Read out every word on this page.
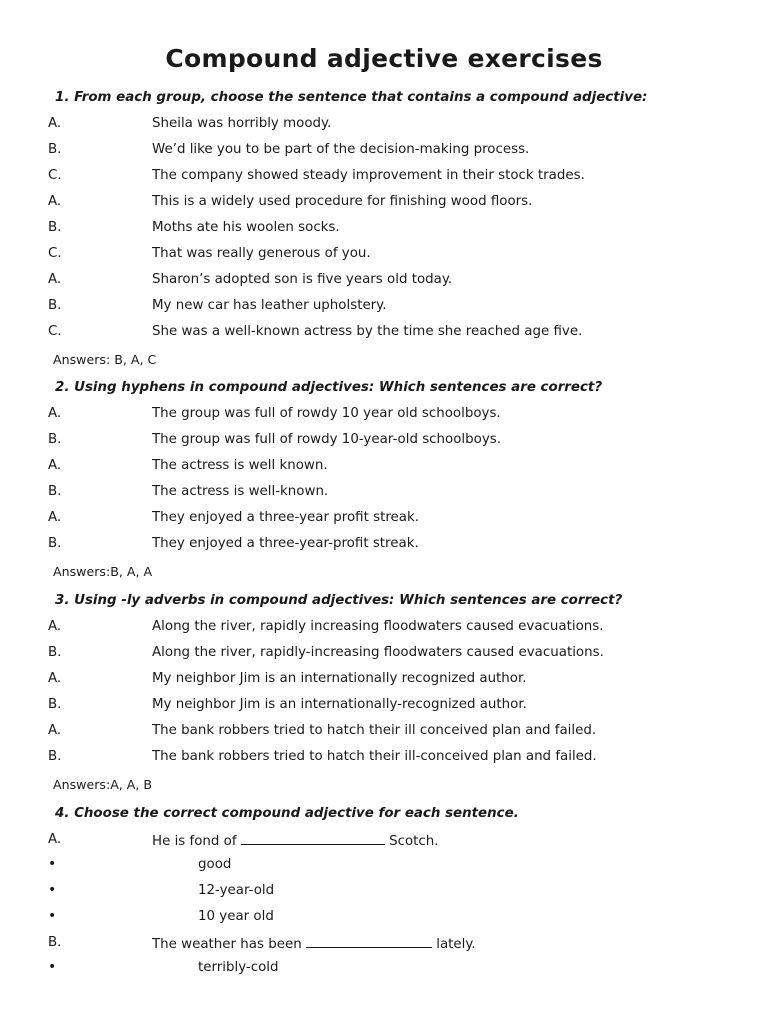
Compound adjective exercises
1. From each group, choose the sentence that contains a compound adjective:
A.	Sheila was horribly moody.
B.	We’d like you to be part of the decision-making process.
C.	The company showed steady improvement in their stock trades.
A.	This is a widely used procedure for finishing wood floors.
B.	Moths ate his woolen socks.
C.	That was really generous of you.
A.	Sharon’s adopted son is five years old today.
B.	My new car has leather upholstery.
C.	She was a well-known actress by the time she reached age five.
Answers: B, A, C
2. Using hyphens in compound adjectives: Which sentences are correct?
A.	The group was full of rowdy 10 year old schoolboys.
B.	The group was full of rowdy 10-year-old schoolboys.
A.	The actress is well known.
B.	The actress is well-known.
A.	They enjoyed a three-year profit streak.
B.	They enjoyed a three-year-profit streak.
Answers:B, A, A
3. Using -ly adverbs in compound adjectives: Which sentences are correct?
A.	Along the river, rapidly increasing floodwaters caused evacuations.
B.	Along the river, rapidly-increasing floodwaters caused evacuations.
A.	My neighbor Jim is an internationally recognized author.
B.	My neighbor Jim is an internationally-recognized author.
A.	The bank robbers tried to hatch their ill conceived plan and failed.
B.	The bank robbers tried to hatch their ill-conceived plan and failed.
Answers:A, A, B
4. Choose the correct compound adjective for each sentence.
A.	He is fond of	Scotch.
•	good
•	12-year-old
•	10 year old
B.	The weather has been	lately.
•	terribly-cold
